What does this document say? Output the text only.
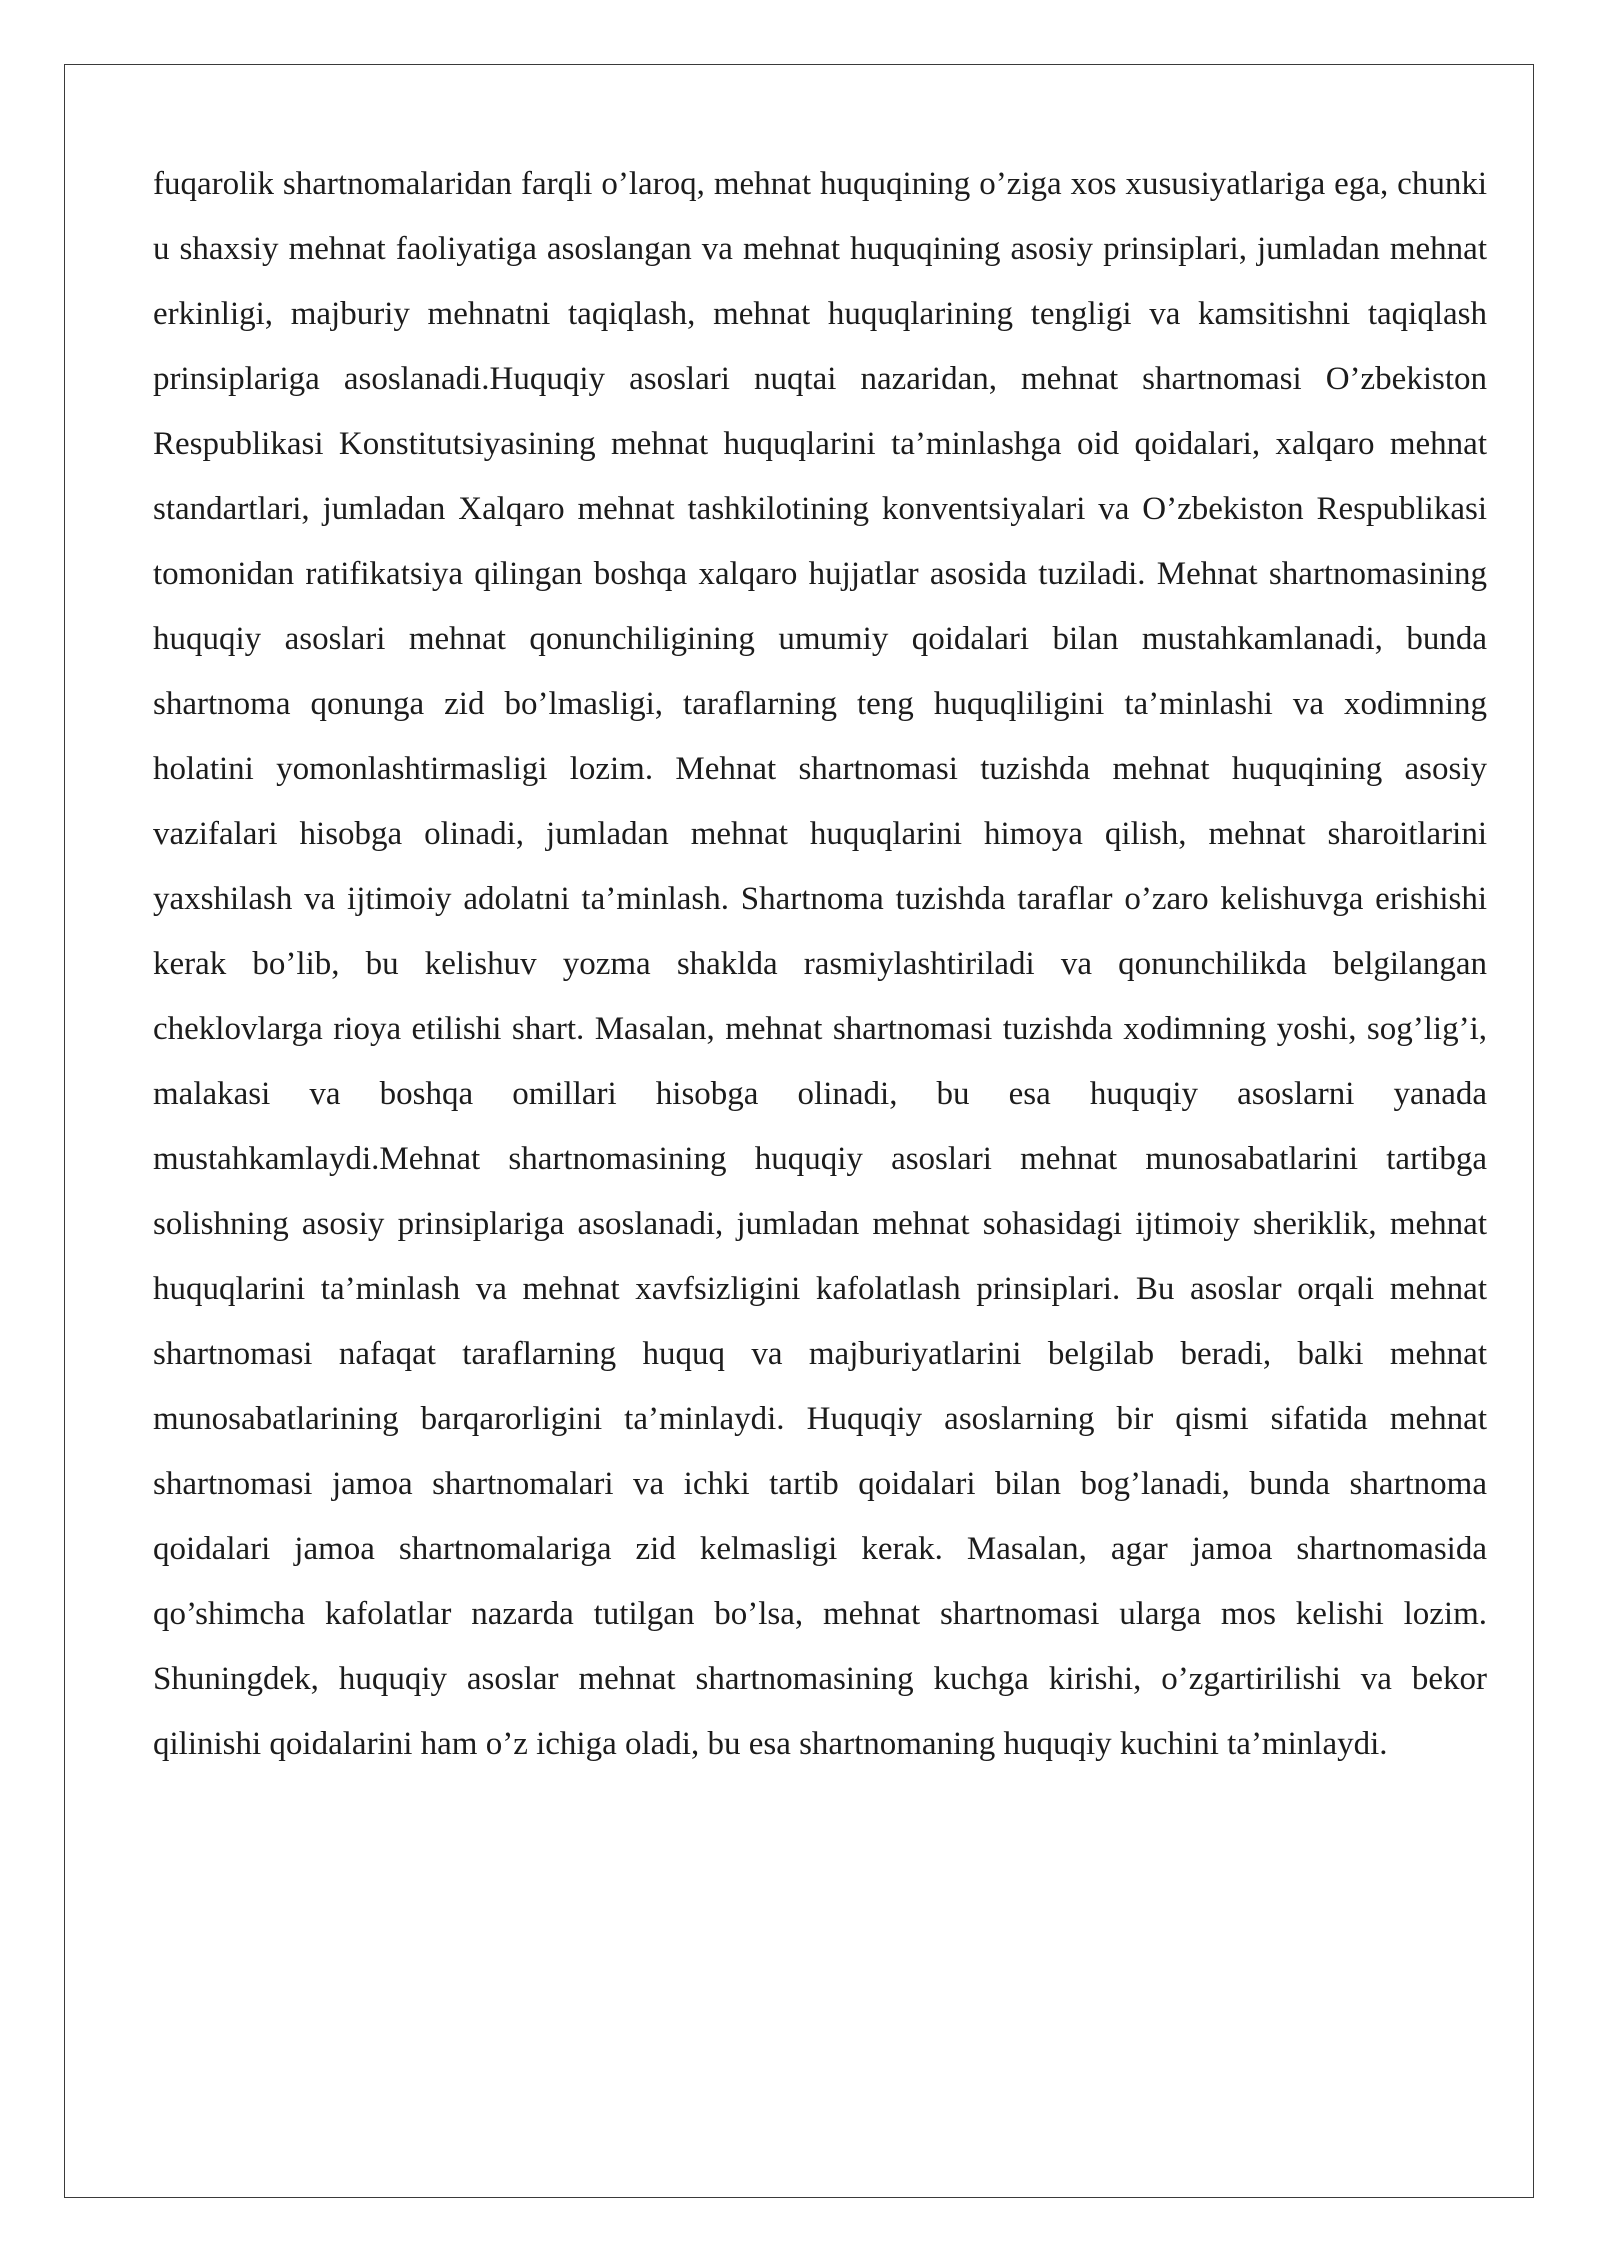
fuqarolik shartnomalaridan farqli o’laroq, mehnat huquqining o’ziga xos xususiyatlariga ega, chunki u shaxsiy mehnat faoliyatiga asoslangan va mehnat huquqining asosiy prinsiplari, jumladan mehnat erkinligi, majburiy mehnatni taqiqlash, mehnat huquqlarining tengligi va kamsitishni taqiqlash prinsiplariga asoslanadi.Huquqiy asoslari nuqtai nazaridan, mehnat shartnomasi O’zbekiston Respublikasi Konstitutsiyasining mehnat huquqlarini ta’minlashga oid qoidalari, xalqaro mehnat standartlari, jumladan Xalqaro mehnat tashkilotining konventsiyalari va O’zbekiston Respublikasi tomonidan ratifikatsiya qilingan boshqa xalqaro hujjatlar asosida tuziladi. Mehnat shartnomasining huquqiy asoslari mehnat qonunchiligining umumiy qoidalari bilan mustahkamlanadi, bunda shartnoma qonunga zid bo’lmasligi, taraflarning teng huquqliligini ta’minlashi va xodimning holatini yomonlashtirmasligi lozim. Mehnat shartnomasi tuzishda mehnat huquqining asosiy vazifalari hisobga olinadi, jumladan mehnat huquqlarini himoya qilish, mehnat sharoitlarini yaxshilash va ijtimoiy adolatni ta’minlash. Shartnoma tuzishda taraflar o’zaro kelishuvga erishishi kerak bo’lib, bu kelishuv yozma shaklda rasmiylashtiriladi va qonunchilikda belgilangan cheklovlarga rioya etilishi shart. Masalan, mehnat shartnomasi tuzishda xodimning yoshi, sog’lig’i, malakasi va boshqa omillari hisobga olinadi, bu esa huquqiy asoslarni yanada mustahkamlaydi.Mehnat shartnomasining huquqiy asoslari mehnat munosabatlarini tartibga solishning asosiy prinsiplariga asoslanadi, jumladan mehnat sohasidagi ijtimoiy sheriklik, mehnat huquqlarini ta’minlash va mehnat xavfsizligini kafolatlash prinsiplari. Bu asoslar orqali mehnat shartnomasi nafaqat taraflarning huquq va majburiyatlarini belgilab beradi, balki mehnat munosabatlarining barqarorligini ta’minlaydi. Huquqiy asoslarning bir qismi sifatida mehnat shartnomasi jamoa shartnomalari va ichki tartib qoidalari bilan bog’lanadi, bunda shartnoma qoidalari jamoa shartnomalariga zid kelmasligi kerak. Masalan, agar jamoa shartnomasida qo’shimcha kafolatlar nazarda tutilgan bo’lsa, mehnat shartnomasi ularga mos kelishi lozim. Shuningdek, huquqiy asoslar mehnat shartnomasining kuchga kirishi, o’zgartirilishi va bekor qilinishi qoidalarini ham o’z ichiga oladi, bu esa shartnomaning huquqiy kuchini ta’minlaydi.
